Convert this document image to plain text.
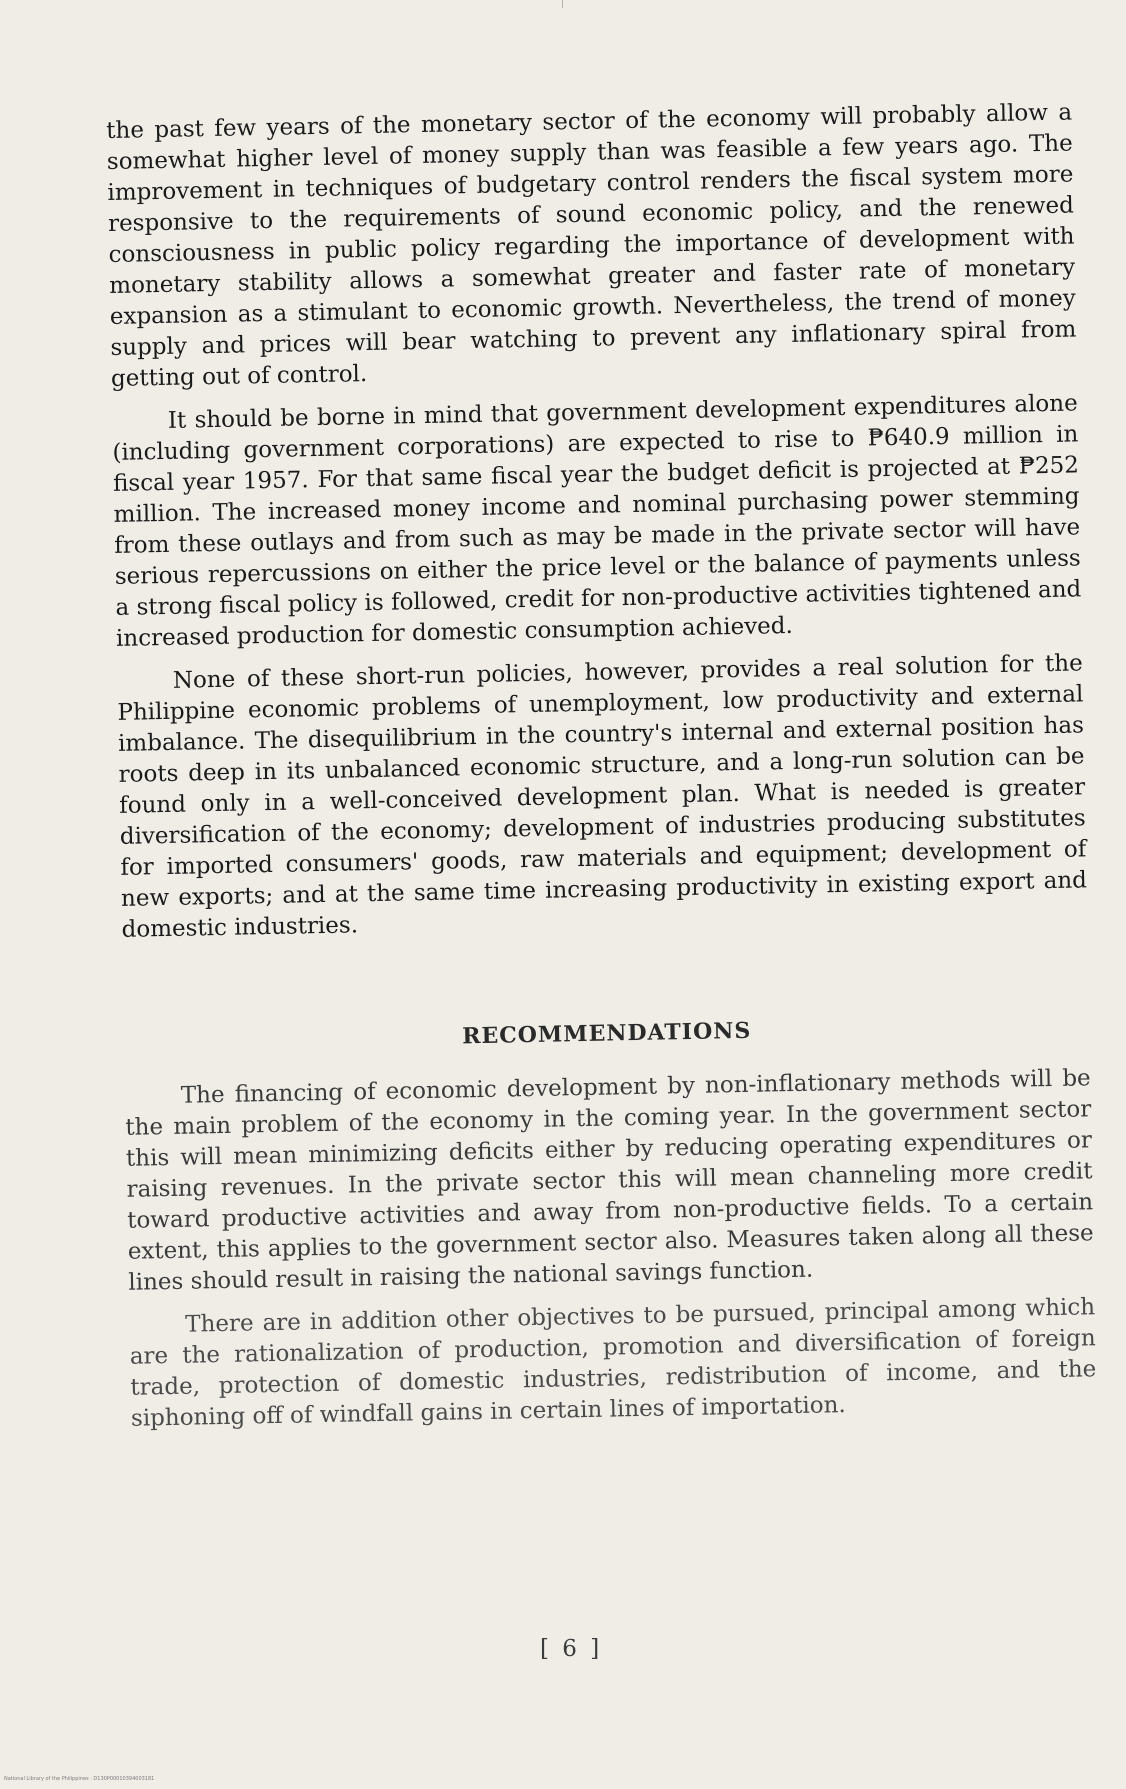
the past few years of the monetary sector of the economy will probably allow a somewhat higher level of money supply than was feasible a few years ago. The improvement in techniques of budgetary control renders the fiscal system more responsive to the requirements of sound economic policy, and the renewed consciousness in public policy regarding the importance of development with monetary stability allows a somewhat greater and faster rate of monetary expansion as a stimulant to economic growth. Nevertheless, the trend of money supply and prices will bear watching to prevent any inflationary spiral from getting out of control.

It should be borne in mind that government development expenditures alone (including government corporations) are expected to rise to ₱640.9 million in fiscal year 1957. For that same fiscal year the budget deficit is projected at ₱252 million. The increased money income and nominal purchasing power stemming from these outlays and from such as may be made in the private sector will have serious repercussions on either the price level or the balance of payments unless a strong fiscal policy is followed, credit for non-productive activities tightened and increased production for domestic consumption achieved.

None of these short-run policies, however, provides a real solution for the Philippine economic problems of unemployment, low productivity and external imbalance. The disequilibrium in the country's internal and external position has roots deep in its unbalanced economic structure, and a long-run solution can be found only in a well-conceived development plan. What is needed is greater diversification of the economy; development of industries producing substitutes for imported consumers' goods, raw materials and equipment; development of new exports; and at the same time increasing productivity in existing export and domestic industries.

RECOMMENDATIONS

The financing of economic development by non-inflationary methods will be the main problem of the economy in the coming year. In the government sector this will mean minimizing deficits either by reducing operating expenditures or raising revenues. In the private sector this will mean channeling more credit toward productive activities and away from non-productive fields. To a certain extent, this applies to the government sector also. Measures taken along all these lines should result in raising the national savings function.

There are in addition other objectives to be pursued, principal among which are the rationalization of production, promotion and diversification of foreign trade, protection of domestic industries, redistribution of income, and the siphoning off of windfall gains in certain lines of importation.

[ 6 ]
National Library of the Philippines · D130P00010394003181
